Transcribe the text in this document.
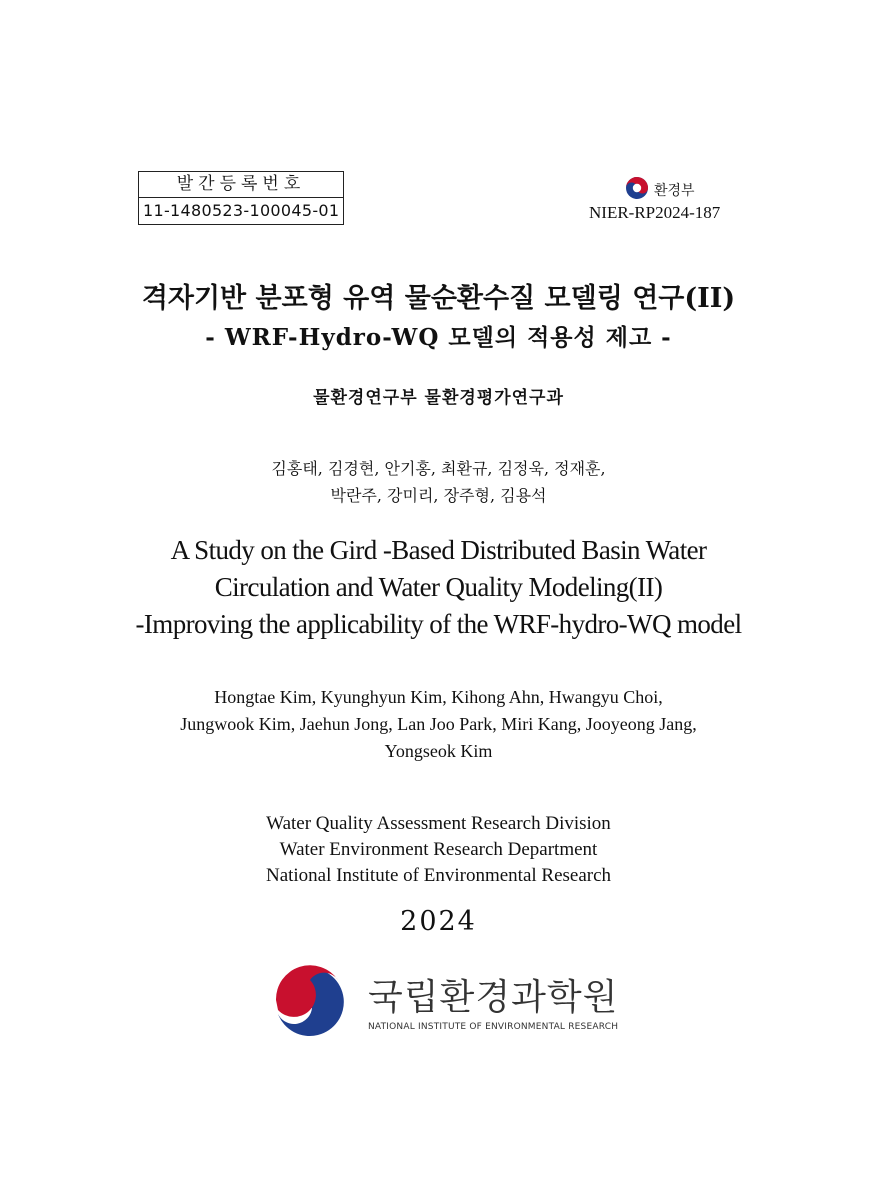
발간등록번호
11-1480523-100045-01
환경부
NIER-RP2024-187
격자기반 분포형 유역 물순환수질 모델링 연구(II)
- WRF-Hydro-WQ 모델의 적용성 제고 -
물환경연구부 물환경평가연구과
김홍태, 김경현, 안기홍, 최환규, 김정욱, 정재훈,
박란주, 강미리, 장주형, 김용석
A Study on the Gird -Based Distributed Basin Water
Circulation and Water Quality Modeling(II)
-Improving the applicability of the WRF-hydro-WQ model
Hongtae Kim, Kyunghyun Kim, Kihong Ahn, Hwangyu Choi,
Jungwook Kim, Jaehun Jong, Lan Joo Park, Miri Kang, Jooyeong Jang,
Yongseok Kim
Water Quality Assessment Research Division
Water Environment Research Department
National Institute of Environmental Research
2024
국립환경과학원
NATIONAL INSTITUTE OF ENVIRONMENTAL RESEARCH
